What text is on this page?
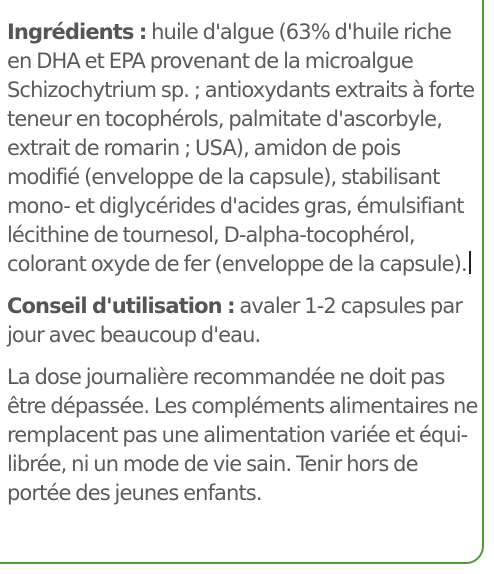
Ingrédients : huile d'algue (63% d'huile riche
en DHA et EPA provenant de la microalgue
Schizochytrium sp. ; antioxydants extraits à forte
teneur en tocophérols, palmitate d'ascorbyle,
extrait de romarin ; USA), amidon de pois
modifié (enveloppe de la capsule), stabilisant
mono- et diglycérides d'acides gras, émulsifiant
lécithine de tournesol, D-alpha-tocophérol,
colorant oxyde de fer (enveloppe de la capsule).
Conseil d'utilisation : avaler 1-2 capsules par
jour avec beaucoup d'eau.
La dose journalière recommandée ne doit pas
être dépassée. Les compléments alimentaires ne
remplacent pas une alimentation variée et équi-
librée, ni un mode de vie sain. Tenir hors de
portée des jeunes enfants.
